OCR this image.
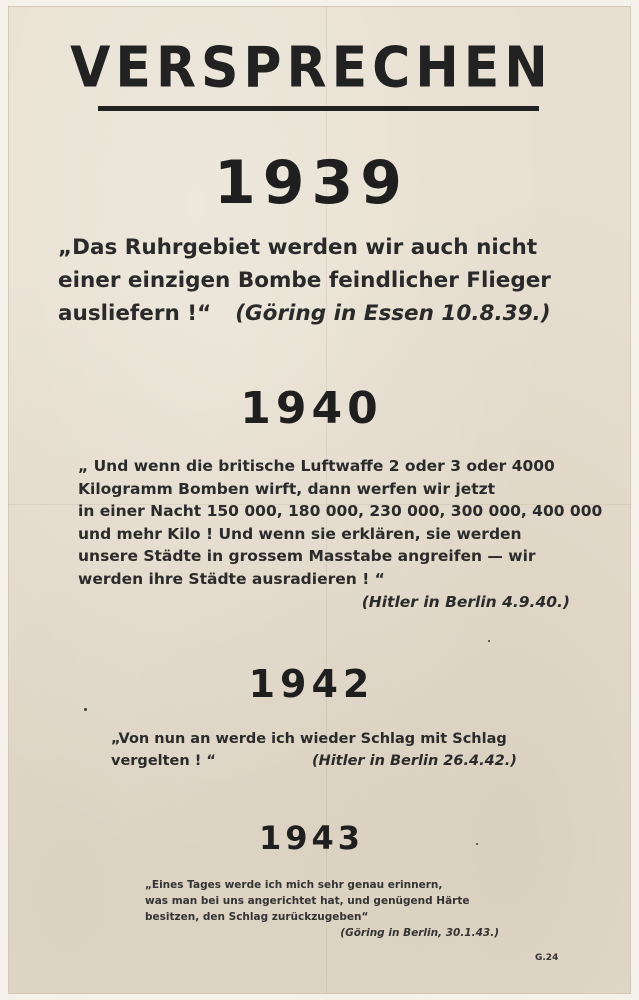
VERSPRECHEN
1939
„Das Ruhrgebiet werden wir auch nicht
einer einzigen Bombe feindlicher Flieger
ausliefern !“ (Göring in Essen 10.8.39.)
1940
„ Und wenn die britische Luftwaffe 2 oder 3 oder 4000
Kilogramm Bomben wirft, dann werfen wir jetzt
in einer Nacht 150 000, 180 000, 230 000, 300 000, 400 000
und mehr Kilo ! Und wenn sie erklären, sie werden
unsere Städte in grossem Masstabe angreifen — wir
werden ihre Städte ausradieren ! “
(Hitler in Berlin 4.9.40.)
1942
„Von nun an werde ich wieder Schlag mit Schlag
vergelten ! “	(Hitler in Berlin 26.4.42.)
1943
„Eines Tages werde ich mich sehr genau erinnern,
was man bei uns angerichtet hat, und genügend Härte
besitzen, den Schlag zurückzugeben“
(Göring in Berlin, 30.1.43.)
G.24
